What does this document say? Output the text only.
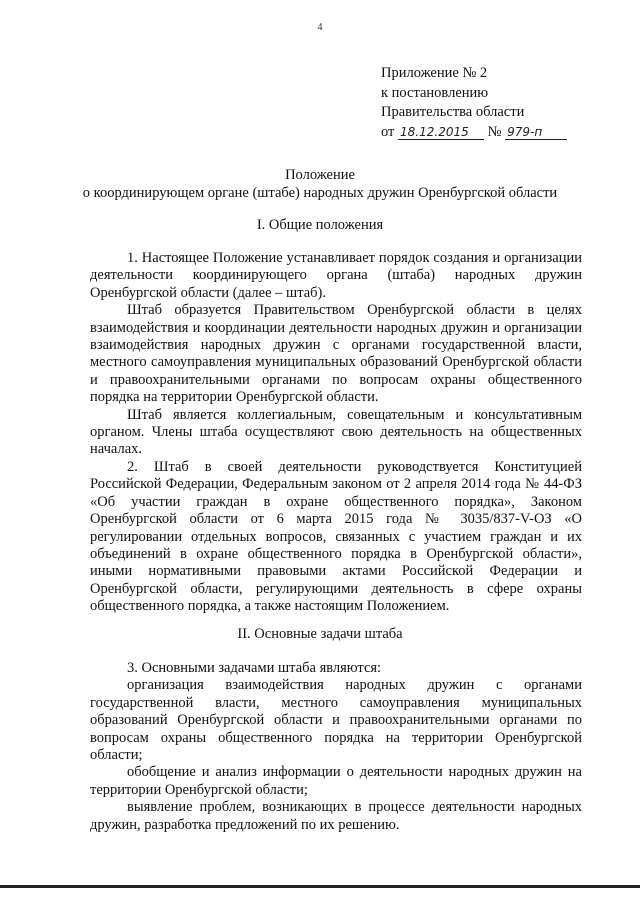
4
Приложение № 2
к постановлению
Правительства области
от 18.12.2015 № 979-п
Положение
о координирующем органе (штабе) народных дружин Оренбургской области
I. Общие положения

1. Настоящее Положение устанавливает порядок создания и организации деятельности координирующего органа (штаба) народных дружин Оренбургской области (далее – штаб).

Штаб образуется Правительством Оренбургской области в целях взаимодействия и координации деятельности народных дружин и организации взаимодействия народных дружин с органами государственной власти, местного самоуправления муниципальных образований Оренбургской области и правоохранительными органами по вопросам охраны общественного порядка на территории Оренбургской области.

Штаб является коллегиальным, совещательным и консультативным органом. Члены штаба осуществляют свою деятельность на общественных началах.

2. Штаб в своей деятельности руководствуется Конституцией Российской Федерации, Федеральным законом от 2 апреля 2014 года № 44-ФЗ «Об участии граждан в охране общественного порядка», Законом Оренбургской области от 6 марта 2015 года № 3035/837-V-ОЗ «О регулировании отдельных вопросов, связанных с участием граждан и их объединений в охране общественного порядка в Оренбургской области», иными нормативными правовыми актами Российской Федерации и Оренбургской области, регулирующими деятельность в сфере охраны общественного порядка, а также настоящим Положением.

II. Основные задачи штаба

3. Основными задачами штаба являются:

организация взаимодействия народных дружин с органами государственной власти, местного самоуправления муниципальных образований Оренбургской области и правоохранительными органами по вопросам охраны общественного порядка на территории Оренбургской области;

обобщение и анализ информации о деятельности народных дружин на территории Оренбургской области;

выявление проблем, возникающих в процессе деятельности народных дружин, разработка предложений по их решению.
